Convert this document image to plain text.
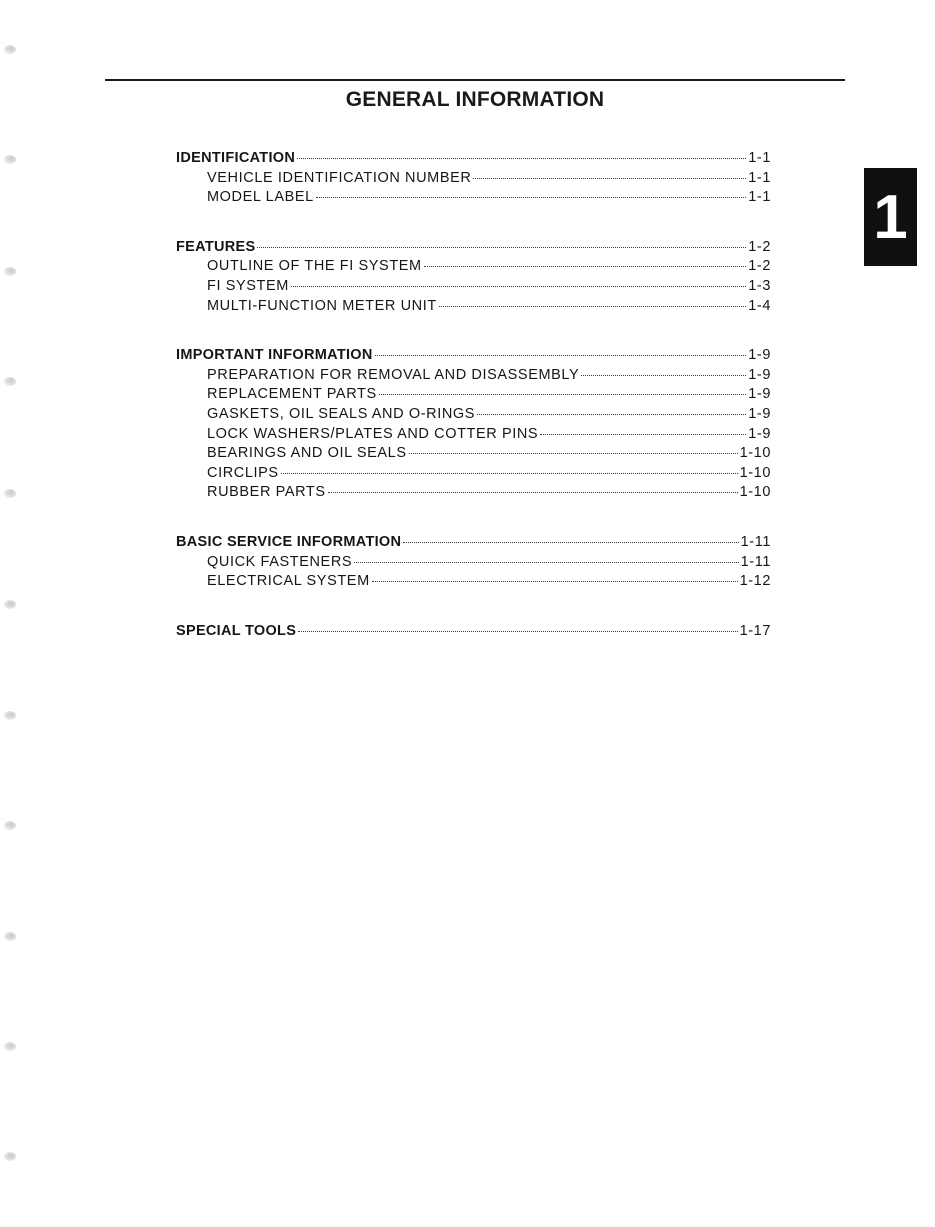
GENERAL INFORMATION
1
IDENTIFICATION	1-1
VEHICLE IDENTIFICATION NUMBER	1-1
MODEL LABEL	1-1
FEATURES	1-2
OUTLINE OF THE FI SYSTEM	1-2
FI SYSTEM	1-3
MULTI-FUNCTION METER UNIT	1-4
IMPORTANT INFORMATION	1-9
PREPARATION FOR REMOVAL AND DISASSEMBLY	1-9
REPLACEMENT PARTS	1-9
GASKETS, OIL SEALS AND O-RINGS	1-9
LOCK WASHERS/PLATES AND COTTER PINS	1-9
BEARINGS AND OIL SEALS	1-10
CIRCLIPS	1-10
RUBBER PARTS	1-10
BASIC SERVICE INFORMATION	1-11
QUICK FASTENERS	1-11
ELECTRICAL SYSTEM	1-12
SPECIAL TOOLS	1-17
